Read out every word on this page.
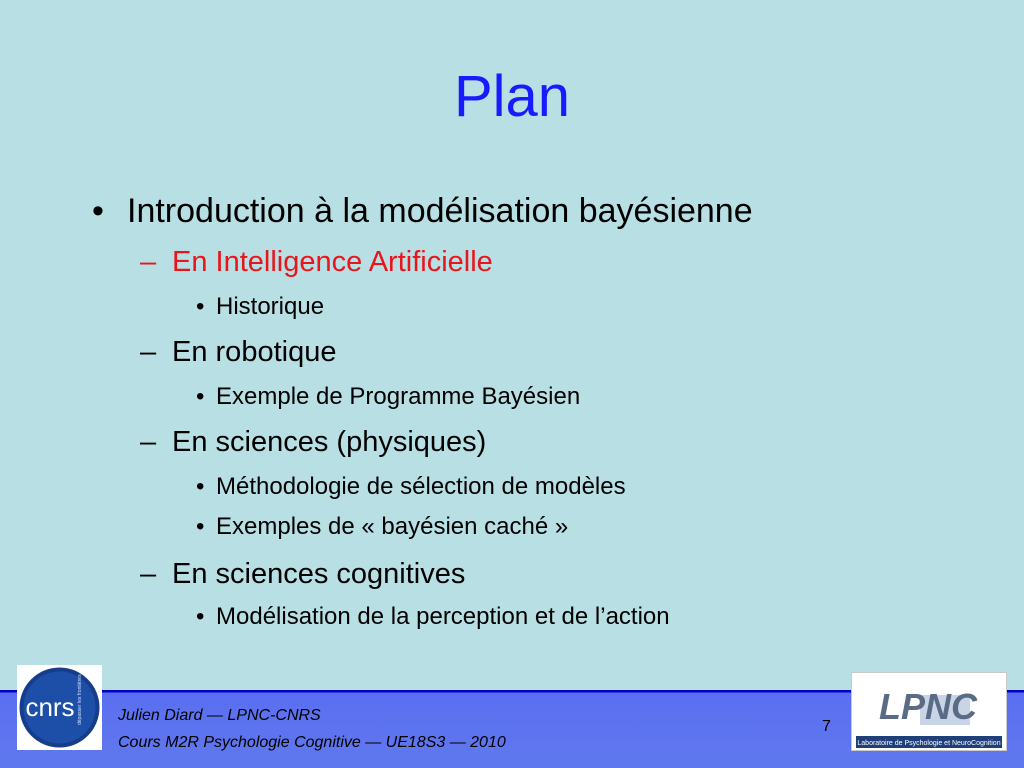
Plan
• Introduction à la modélisation bayésienne
– En Intelligence Artificielle
• Historique
– En robotique
• Exemple de Programme Bayésien
– En sciences (physiques)
• Méthodologie de sélection de modèles
• Exemples de « bayésien caché »
– En sciences cognitives
• Modélisation de la perception et de l’action
cnrs dépasser les frontières	LPNC
Laboratoire de Psychologie et NeuroCognition
Julien Diard — LPNC-CNRS
Cours M2R Psychologie Cognitive — UE18S3 — 2010
7
